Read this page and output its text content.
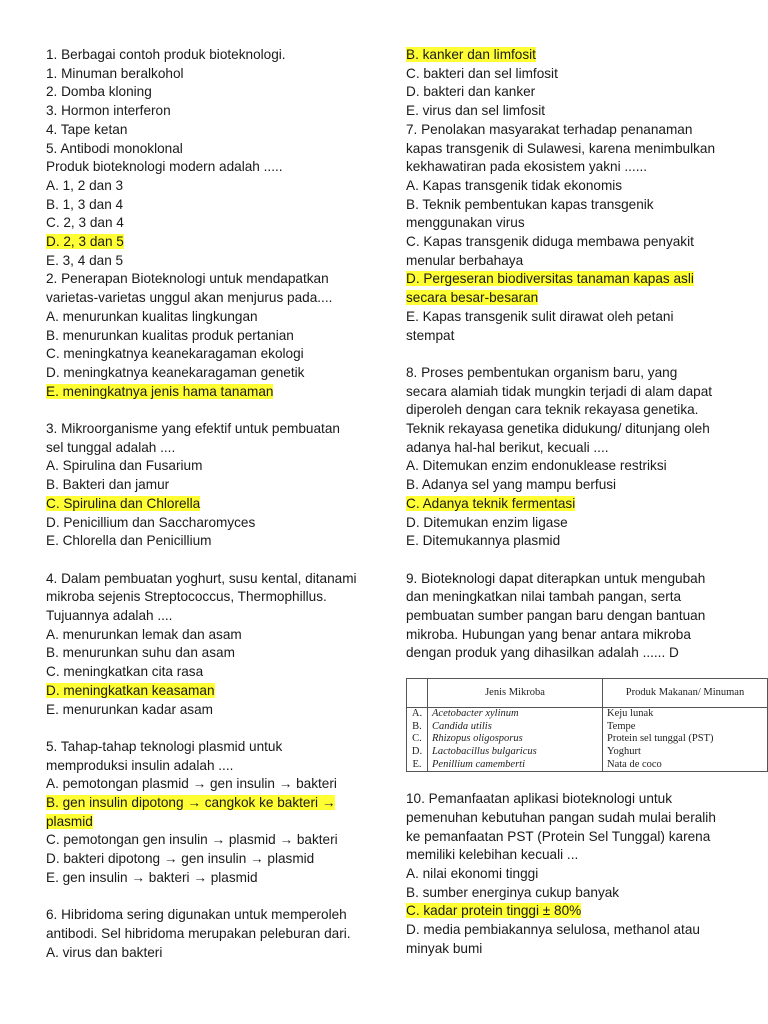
1. Berbagai contoh produk bioteknologi.
1. Minuman beralkohol
2. Domba kloning
3. Hormon interferon
4. Tape ketan
5. Antibodi monoklonal
Produk bioteknologi modern adalah .....
A. 1, 2 dan 3
B. 1, 3 dan 4
C. 2, 3 dan 4
D. 2, 3 dan 5
E. 3, 4 dan 5
2. Penerapan Bioteknologi untuk mendapatkan
varietas-varietas unggul akan menjurus pada....
A. menurunkan kualitas lingkungan
B. menurunkan kualitas produk pertanian
C. meningkatnya keanekaragaman ekologi
D. meningkatnya keanekaragaman genetik
E. meningkatnya jenis hama tanaman
3. Mikroorganisme yang efektif untuk pembuatan
sel tunggal adalah ....
A. Spirulina dan Fusarium
B. Bakteri dan jamur
C. Spirulina dan Chlorella
D. Penicillium dan Saccharomyces
E. Chlorella dan Penicillium
4. Dalam pembuatan yoghurt, susu kental, ditanami
mikroba sejenis Streptococcus, Thermophillus.
Tujuannya adalah ....
A. menurunkan lemak dan asam
B. menurunkan suhu dan asam
C. meningkatkan cita rasa
D. meningkatkan keasaman
E. menurunkan kadar asam
5. Tahap-tahap teknologi plasmid untuk
memproduksi insulin adalah ....
A. pemotongan plasmid → gen insulin → bakteri
B. gen insulin dipotong → cangkok ke bakteri →
plasmid
C. pemotongan gen insulin → plasmid → bakteri
D. bakteri dipotong → gen insulin → plasmid
E. gen insulin → bakteri → plasmid
6. Hibridoma sering digunakan untuk memperoleh
antibodi. Sel hibridoma merupakan peleburan dari.
A. virus dan bakteri
B. kanker dan limfosit
C. bakteri dan sel limfosit
D. bakteri dan kanker
E. virus dan sel limfosit
7. Penolakan masyarakat terhadap penanaman
kapas transgenik di Sulawesi, karena menimbulkan
kekhawatiran pada ekosistem yakni ......
A. Kapas transgenik tidak ekonomis
B. Teknik pembentukan kapas transgenik
menggunakan virus
C. Kapas transgenik diduga membawa penyakit
menular berbahaya
D. Pergeseran biodiversitas tanaman kapas asli
secara besar-besaran
E. Kapas transgenik sulit dirawat oleh petani
stempat
8. Proses pembentukan organism baru, yang
secara alamiah tidak mungkin terjadi di alam dapat
diperoleh dengan cara teknik rekayasa genetika.
Teknik rekayasa genetika didukung/ ditunjang oleh
adanya hal-hal berikut, kecuali ....
A. Ditemukan enzim endonuklease restriksi
B. Adanya sel yang mampu berfusi
C. Adanya teknik fermentasi
D. Ditemukan enzim ligase
E. Ditemukannya plasmid
9. Bioteknologi dapat diterapkan untuk mengubah
dan meningkatkan nilai tambah pangan, serta
pembuatan sumber pangan baru dengan bantuan
mikroba. Hubungan yang benar antara mikroba
dengan produk yang dihasilkan adalah ...... D
	Jenis Mikroba	Produk Makanan/ Minuman
A.	Acetobacter xylinum	Keju lunak
B.	Candida utilis	Tempe
C.	Rhizopus oligosporus	Protein sel tunggal (PST)
D.	Lactobacillus bulgaricus	Yoghurt
E.	Penillium camemberti	Nata de coco
10. Pemanfaatan aplikasi bioteknologi untuk
pemenuhan kebutuhan pangan sudah mulai beralih
ke pemanfaatan PST (Protein Sel Tunggal) karena
memiliki kelebihan kecuali ...
A. nilai ekonomi tinggi
B. sumber energinya cukup banyak
C. kadar protein tinggi ± 80%
D. media pembiakannya selulosa, methanol atau
minyak bumi
